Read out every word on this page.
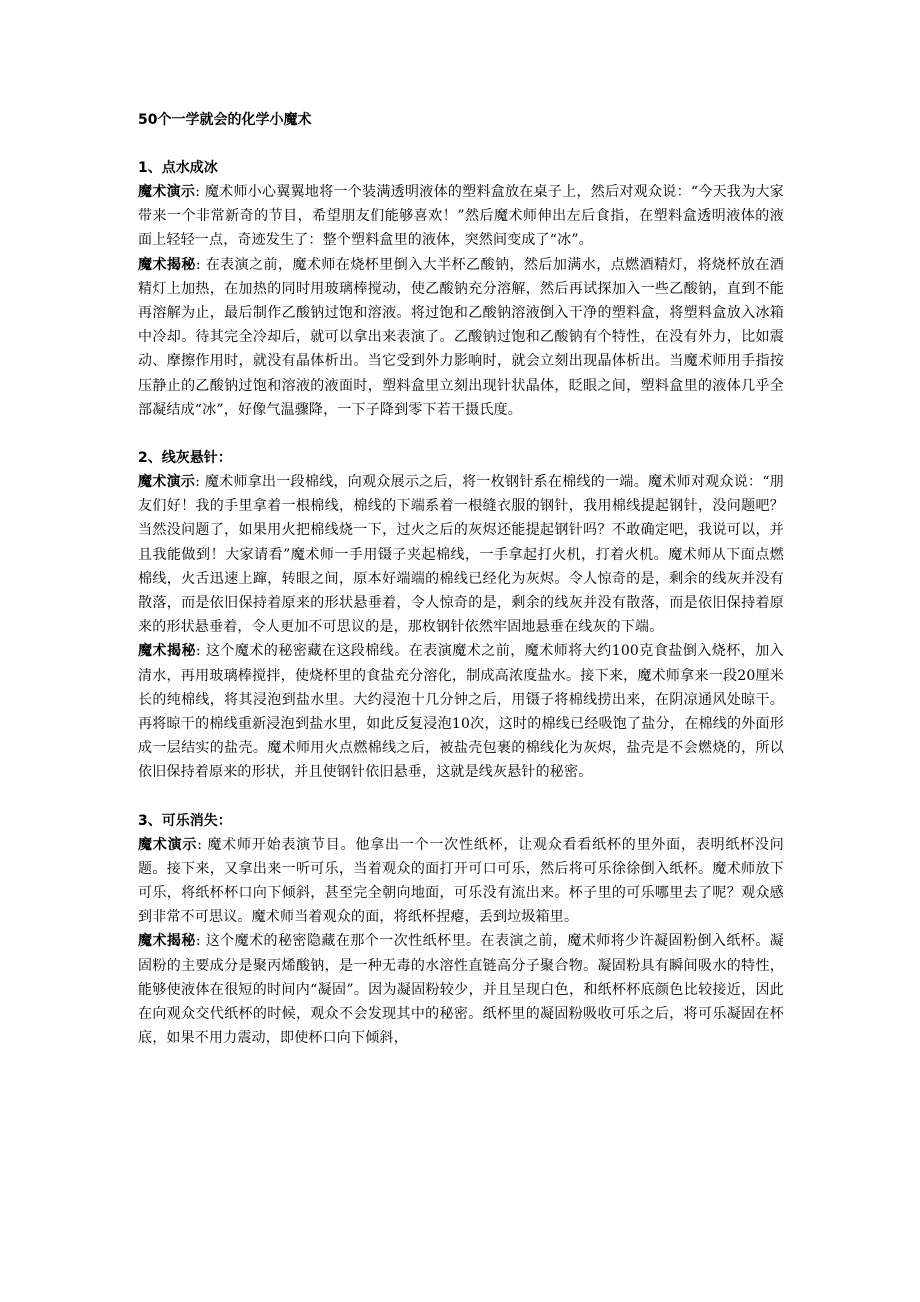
50个一学就会的化学小魔术
1、点水成冰

魔术演示: 魔术师小心翼翼地将一个装满透明液体的塑料盒放在桌子上，然后对观众说：“今天我为大家带来一个非常新奇的节目，希望朋友们能够喜欢！”然后魔术师伸出左后食指，在塑料盒透明液体的液面上轻轻一点，奇迹发生了：整个塑料盒里的液体，突然间变成了“冰”。

魔术揭秘: 在表演之前，魔术师在烧杯里倒入大半杯乙酸钠，然后加满水，点燃酒精灯，将烧杯放在酒精灯上加热，在加热的同时用玻璃棒搅动，使乙酸钠充分溶解，然后再试探加入一些乙酸钠，直到不能再溶解为止，最后制作乙酸钠过饱和溶液。将过饱和乙酸钠溶液倒入干净的塑料盒，将塑料盒放入冰箱中冷却。待其完全冷却后，就可以拿出来表演了。乙酸钠过饱和乙酸钠有个特性，在没有外力，比如震动、摩擦作用时，就没有晶体析出。当它受到外力影响时，就会立刻出现晶体析出。当魔术师用手指按压静止的乙酸钠过饱和溶液的液面时，塑料盒里立刻出现针状晶体，眨眼之间，塑料盒里的液体几乎全部凝结成“冰”，好像气温骤降，一下子降到零下若干摄氏度。

2、线灰悬针：

魔术演示: 魔术师拿出一段棉线，向观众展示之后，将一枚钢针系在棉线的一端。魔术师对观众说：“朋友们好！我的手里拿着一根棉线，棉线的下端系着一根缝衣服的钢针，我用棉线提起钢针，没问题吧？当然没问题了，如果用火把棉线烧一下，过火之后的灰烬还能提起钢针吗？不敢确定吧，我说可以，并且我能做到！大家请看”魔术师一手用镊子夹起棉线，一手拿起打火机，打着火机。魔术师从下面点燃棉线，火舌迅速上蹿，转眼之间，原本好端端的棉线已经化为灰烬。令人惊奇的是，剩余的线灰并没有散落，而是依旧保持着原来的形状悬垂着，令人惊奇的是，剩余的线灰并没有散落，而是依旧保持着原来的形状悬垂着，令人更加不可思议的是，那枚钢针依然牢固地悬垂在线灰的下端。

魔术揭秘: 这个魔术的秘密藏在这段棉线。在表演魔术之前，魔术师将大约100克食盐倒入烧杯，加入清水，再用玻璃棒搅拌，使烧杯里的食盐充分溶化，制成高浓度盐水。接下来，魔术师拿来一段20厘米长的纯棉线，将其浸泡到盐水里。大约浸泡十几分钟之后，用镊子将棉线捞出来，在阴凉通风处晾干。再将晾干的棉线重新浸泡到盐水里，如此反复浸泡10次，这时的棉线已经吸饱了盐分，在棉线的外面形成一层结实的盐壳。魔术师用火点燃棉线之后，被盐壳包裹的棉线化为灰烬，盐壳是不会燃烧的，所以依旧保持着原来的形状，并且使钢针依旧悬垂，这就是线灰悬针的秘密。

3、可乐消失：

魔术演示: 魔术师开始表演节目。他拿出一个一次性纸杯，让观众看看纸杯的里外面，表明纸杯没问题。接下来，又拿出来一听可乐，当着观众的面打开可口可乐，然后将可乐徐徐倒入纸杯。魔术师放下可乐，将纸杯杯口向下倾斜，甚至完全朝向地面，可乐没有流出来。杯子里的可乐哪里去了呢？观众感到非常不可思议。魔术师当着观众的面，将纸杯捏瘪，丢到垃圾箱里。

魔术揭秘: 这个魔术的秘密隐藏在那个一次性纸杯里。在表演之前，魔术师将少许凝固粉倒入纸杯。凝固粉的主要成分是聚丙烯酸钠，是一种无毒的水溶性直链高分子聚合物。凝固粉具有瞬间吸水的特性，能够使液体在很短的时间内“凝固”。因为凝固粉较少，并且呈现白色，和纸杯杯底颜色比较接近，因此在向观众交代纸杯的时候，观众不会发现其中的秘密。纸杯里的凝固粉吸收可乐之后，将可乐凝固在杯底，如果不用力震动，即使杯口向下倾斜，
